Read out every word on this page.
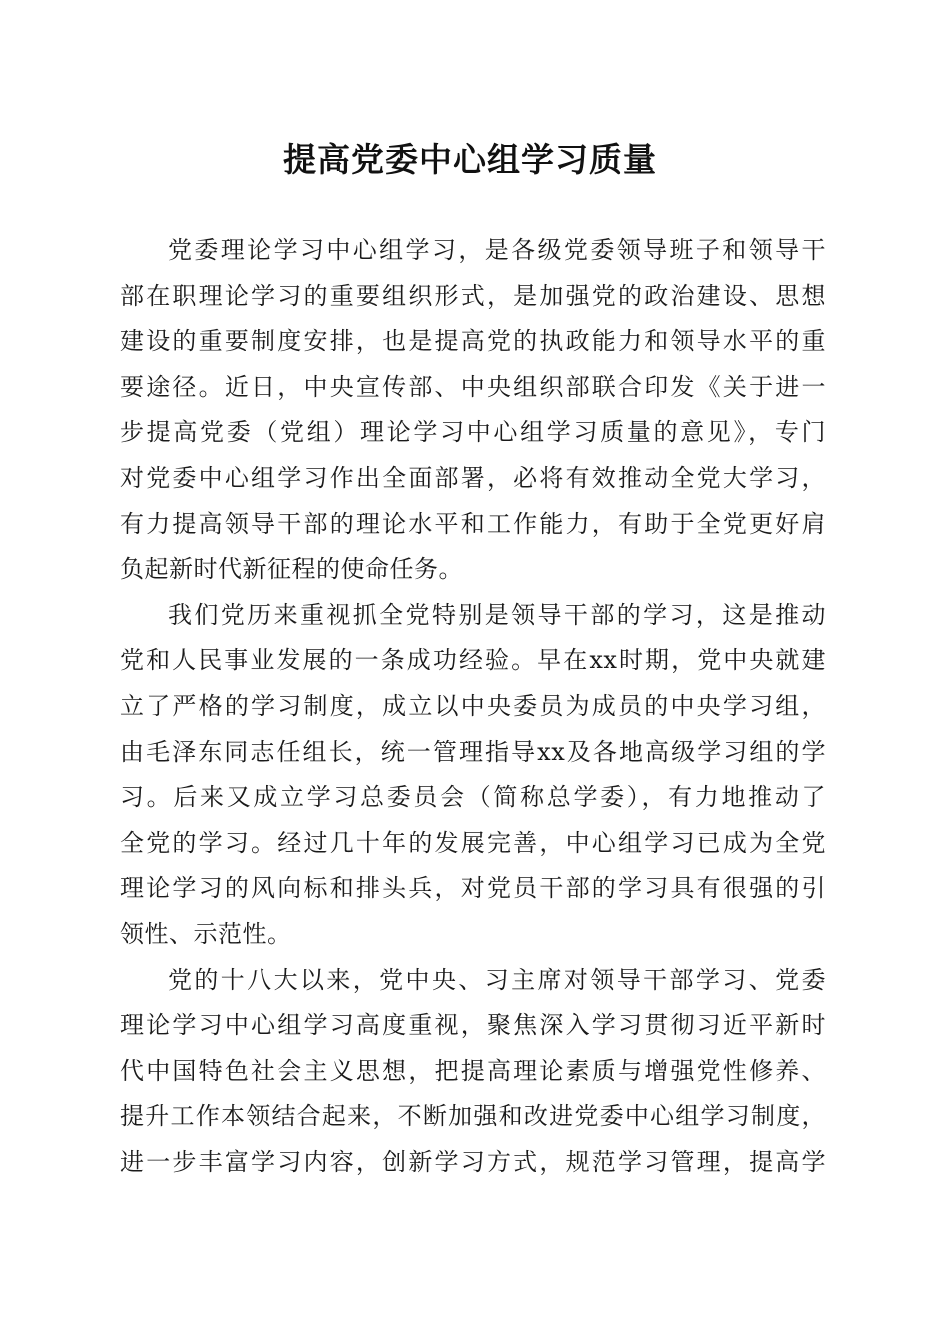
提高党委中心组学习质量
党委理论学习中心组学习，是各级党委领导班子和领导干
部在职理论学习的重要组织形式，是加强党的政治建设、思想
建设的重要制度安排，也是提高党的执政能力和领导水平的重
要途径。近日，中央宣传部、中央组织部联合印发《关于进一
步提高党委（党组）理论学习中心组学习质量的意见》，专门
对党委中心组学习作出全面部署，必将有效推动全党大学习，
有力提高领导干部的理论水平和工作能力，有助于全党更好肩
负起新时代新征程的使命任务。
我们党历来重视抓全党特别是领导干部的学习，这是推动
党和人民事业发展的一条成功经验。早在xx时期，党中央就建
立了严格的学习制度，成立以中央委员为成员的中央学习组，
由毛泽东同志任组长，统一管理指导xx及各地高级学习组的学
习。后来又成立学习总委员会（简称总学委），有力地推动了
全党的学习。经过几十年的发展完善，中心组学习已成为全党
理论学习的风向标和排头兵，对党员干部的学习具有很强的引
领性、示范性。
党的十八大以来，党中央、习主席对领导干部学习、党委
理论学习中心组学习高度重视，聚焦深入学习贯彻习近平新时
代中国特色社会主义思想，把提高理论素质与增强党性修养、
提升工作本领结合起来，不断加强和改进党委中心组学习制度，
进一步丰富学习内容，创新学习方式，规范学习管理，提高学
